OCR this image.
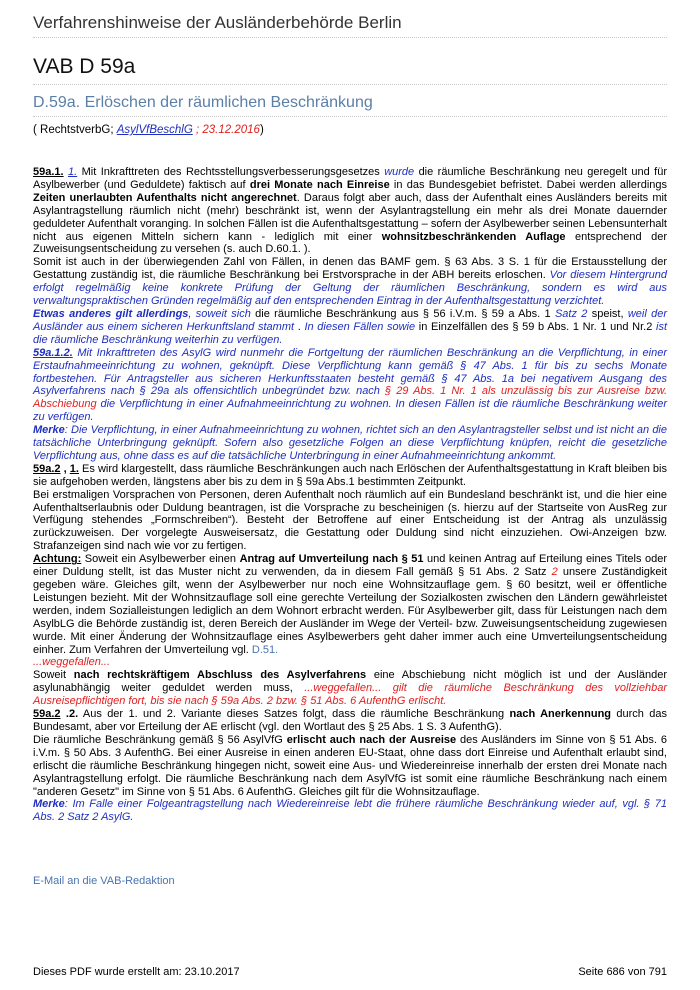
Verfahrenshinweise der Ausländerbehörde Berlin
VAB D 59a
D.59a. Erlöschen der räumlichen Beschränkung
( RechtstverbG; AsylVfBeschlG ; 23.12.2016)

59a.1. 1. Mit Inkrafttreten des Rechtsstellungsverbesserungsgesetzes wurde die räumliche Beschränkung neu geregelt und für Asylbewerber (und Geduldete) faktisch auf drei Monate nach Einreise in das Bundesgebiet befristet. Dabei werden allerdings Zeiten unerlaubten Aufenthalts nicht angerechnet. Daraus folgt aber auch, dass der Aufenthalt eines Ausländers bereits mit Asylantragstellung räumlich nicht (mehr) beschränkt ist, wenn der Asylantragstellung ein mehr als drei Monate dauernder geduldeter Aufenthalt voranging. In solchen Fällen ist die Aufenthaltsgestattung – sofern der Asylbewerber seinen Lebensunterhalt nicht aus eigenen Mitteln sichern kann - lediglich mit einer wohnsitzbeschränkenden Auflage entsprechend der Zuweisungsentscheidung zu versehen (s. auch D.60.1. ).

Somit ist auch in der überwiegenden Zahl von Fällen, in denen das BAMF gem. § 63 Abs. 3 S. 1 für die Erstausstellung der Gestattung zuständig ist, die räumliche Beschränkung bei Erstvorsprache in der ABH bereits erloschen. Vor diesem Hintergrund erfolgt regelmäßig keine konkrete Prüfung der Geltung der räumlichen Beschränkung, sondern es wird aus verwaltungspraktischen Gründen regelmäßig auf den entsprechenden Eintrag in der Aufenthaltsgestattung verzichtet.

Etwas anderes gilt allerdings, soweit sich die räumliche Beschränkung aus § 56 i.V.m. § 59 a Abs. 1 Satz 2 speist, weil der Ausländer aus einem sicheren Herkunftsland stammt . In diesen Fällen sowie in Einzelfällen des § 59 b Abs. 1 Nr. 1 und Nr.2 ist die räumliche Beschränkung weiterhin zu verfügen.

59a.1.2. Mit Inkrafttreten des AsylG wird nunmehr die Fortgeltung der räumlichen Beschränkung an die Verpflichtung, in einer Erstaufnahmeeinrichtung zu wohnen, geknüpft. Diese Verpflichtung kann gemäß § 47 Abs. 1 für bis zu sechs Monate fortbestehen. Für Antragsteller aus sicheren Herkunftsstaaten besteht gemäß § 47 Abs. 1a bei negativem Ausgang des Asylverfahrens nach § 29a als offensichtlich unbegründet bzw. nach § 29 Abs. 1 Nr. 1 als unzulässig bis zur Ausreise bzw. Abschiebung die Verpflichtung in einer Aufnahmeeinrichtung zu wohnen. In diesen Fällen ist die räumliche Beschränkung weiter zu verfügen.

Merke: Die Verpflichtung, in einer Aufnahmeeinrichtung zu wohnen, richtet sich an den Asylantragsteller selbst und ist nicht an die tatsächliche Unterbringung geknüpft. Sofern also gesetzliche Folgen an diese Verpflichtung knüpfen, reicht die gesetzliche Verpflichtung aus, ohne dass es auf die tatsächliche Unterbringung in einer Aufnahmeeinrichtung ankommt.

59a.2 , 1. Es wird klargestellt, dass räumliche Beschränkungen auch nach Erlöschen der Aufenthaltsgestattung in Kraft bleiben bis sie aufgehoben werden, längstens aber bis zu dem in § 59a Abs.1 bestimmten Zeitpunkt.

Bei erstmaligen Vorsprachen von Personen, deren Aufenthalt noch räumlich auf ein Bundesland beschränkt ist, und die hier eine Aufenthaltserlaubnis oder Duldung beantragen, ist die Vorsprache zu bescheinigen (s. hierzu auf der Startseite von AusReg zur Verfügung stehendes „Formschreiben“). Besteht der Betroffene auf einer Entscheidung ist der Antrag als unzulässig zurückzuweisen. Der vorgelegte Ausweisersatz, die Gestattung oder Duldung sind nicht einzuziehen. Owi-Anzeigen bzw. Strafanzeigen sind nach wie vor zu fertigen.

Achtung: Soweit ein Asylbewerber einen Antrag auf Umverteilung nach § 51 und keinen Antrag auf Erteilung eines Titels oder einer Duldung stellt, ist das Muster nicht zu verwenden, da in diesem Fall gemäß § 51 Abs. 2 Satz 2 unsere Zuständigkeit gegeben wäre. Gleiches gilt, wenn der Asylbewerber nur noch eine Wohnsitzauflage gem. § 60 besitzt, weil er öffentliche Leistungen bezieht. Mit der Wohnsitzauflage soll eine gerechte Verteilung der Sozialkosten zwischen den Ländern gewährleistet werden, indem Sozialleistungen lediglich an dem Wohnort erbracht werden. Für Asylbewerber gilt, dass für Leistungen nach dem AsylbLG die Behörde zuständig ist, deren Bereich der Ausländer im Wege der Verteil- bzw. Zuweisungsentscheidung zugewiesen wurde. Mit einer Änderung der Wohnsitzauflage eines Asylbewerbers geht daher immer auch eine Umverteilungsentscheidung einher. Zum Verfahren der Umverteilung vgl. D.51.

...weggefallen...

Soweit nach rechtskräftigem Abschluss des Asylverfahrens eine Abschiebung nicht möglich ist und der Ausländer asylunabhängig weiter geduldet werden muss, ...weggefallen... gilt die räumliche Beschränkung des vollziehbar Ausreisepflichtigen fort, bis sie nach § 59a Abs. 2 bzw. § 51 Abs. 6 AufenthG erlischt.

59a.2 .2. Aus der 1. und 2. Variante dieses Satzes folgt, dass die räumliche Beschränkung nach Anerkennung durch das Bundesamt, aber vor Erteilung der AE erlischt (vgl. den Wortlaut des § 25 Abs. 1 S. 3 AufenthG).

Die räumliche Beschränkung gemäß § 56 AsylVfG erlischt auch nach der Ausreise des Ausländers im Sinne von § 51 Abs. 6 i.V.m. § 50 Abs. 3 AufenthG. Bei einer Ausreise in einen anderen EU-Staat, ohne dass dort Einreise und Aufenthalt erlaubt sind, erlischt die räumliche Beschränkung hingegen nicht, soweit eine Aus- und Wiedereinreise innerhalb der ersten drei Monate nach Asylantragstellung erfolgt. Die räumliche Beschränkung nach dem AsylVfG ist somit eine räumliche Beschränkung nach einem "anderen Gesetz" im Sinne von § 51 Abs. 6 AufenthG. Gleiches gilt für die Wohnsitzauflage.

Merke: Im Falle einer Folgeantragstellung nach Wiedereinreise lebt die frühere räumliche Beschränkung wieder auf, vgl. § 71 Abs. 2 Satz 2 AsylG.

E-Mail an die VAB-Redaktion
Dieses PDF wurde erstellt am: 23.10.2017	Seite 686 von 791
